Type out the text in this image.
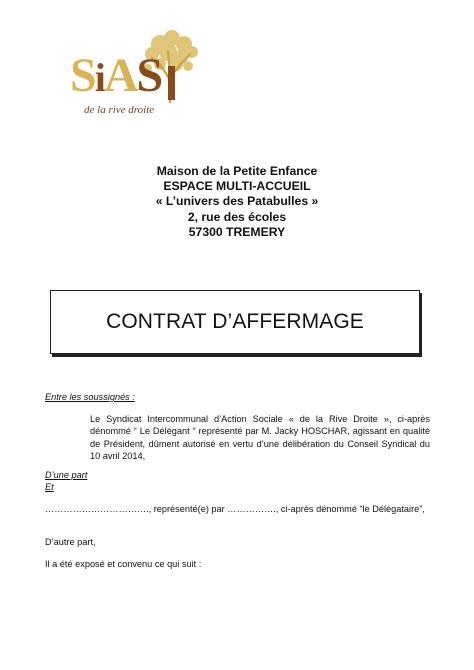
SiAS
de la rive droite
Maison de la Petite Enfance
ESPACE MULTI-ACCUEIL
« L’univers des Patabulles »
2, rue des écoles
57300 TREMERY
CONTRAT D’AFFERMAGE
Entre les soussignés :
Le Syndicat Intercommunal d’Action Sociale « de la Rive Droite », ci-après dénommé “ Le Délégant “ représenté par M. Jacky HOSCHAR, agissant en qualité de Président, dûment autorisé en vertu d’une délibération du Conseil Syndical du 10 avril 2014,
D’une part
Et
……………………………., représenté(e) par ……………., ci-après dénommé “le Délégataire”,
D’autre part,
Il a été exposé et convenu ce qui suit :
